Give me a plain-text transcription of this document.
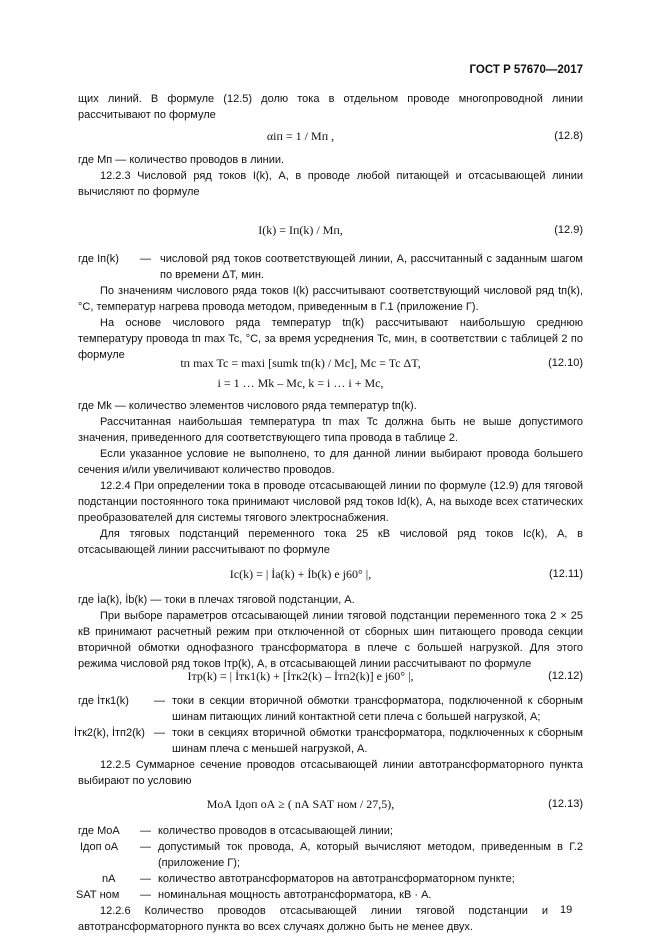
ГОСТ Р 57670—2017
щих линий. В формуле (12.5) долю тока в отдельном проводе многопроводной линии рассчитывают по формуле
αiп = 1 / Mп ,	(12.8)
где Mп — количество проводов в линии.
12.2.3 Числовой ряд токов I(k), А, в проводе любой питающей и отсасывающей линии вычисляют по формуле
I(k) = Iп(k) / Mп,	(12.9)
где Iп(k) — числовой ряд токов соответствующей линии, А, рассчитанный с заданным шагом по времени ΔT, мин.
По значениям числового ряда токов I(k) рассчитывают соответствующий числовой ряд tп(k), °С, температур нагрева провода методом, приведенным в Г.1 (приложение Г).
На основе числового ряда температур tп(k) рассчитывают наибольшую среднюю температуру провода tп max Tc, °С, за время усреднения Tc, мин, в соответствии с таблицей 2 по формуле
tп max Tc = maxi [sumk tп(k) / Mc], Mc = Tc ΔT,	(12.10)
i = 1 … Mk – Mc, k = i … i + Mc,
где Mk — количество элементов числового ряда температур tп(k).
Рассчитанная наибольшая температура tп max Tc должна быть не выше допустимого значения, приведенного для соответствующего типа провода в таблице 2.
Если указанное условие не выполнено, то для данной линии выбирают провода большего сечения и/или увеличивают количество проводов.
12.2.4 При определении тока в проводе отсасывающей линии по формуле (12.9) для тяговой подстанции постоянного тока принимают числовой ряд токов Id(k), А, на выходе всех статических преобразователей для системы тягового электроснабжения.
Для тяговых подстанций переменного тока 25 кВ числовой ряд токов Ic(k), А, в отсасывающей линии рассчитывают по формуле
Ic(k) = | İa(k) + İb(k) e j60° |,	(12.11)
где İa(k), İb(k) — токи в плечах тяговой подстанции, А.
При выборе параметров отсасывающей линии тяговой подстанции переменного тока 2 × 25 кВ принимают расчетный режим при отключенной от сборных шин питающего провода секции вторичной обмотки однофазного трансформатора в плече с большей нагрузкой. Для этого режима числовой ряд токов Iтр(k), А, в отсасывающей линии рассчитывают по формуле
Iтр(k) = | İтк1(k) + [İтк2(k) – İтп2(k)] e j60° |,	(12.12)
где İтк1(k) — токи в секции вторичной обмотки трансформатора, подключенной к сборным шинам питающих линий контактной сети плеча с большей нагрузкой, А;
İтк2(k), İтп2(k) — токи в секциях вторичной обмотки трансформатора, подключенных к сборным шинам плеча с меньшей нагрузкой, А.
12.2.5 Суммарное сечение проводов отсасывающей линии автотрансформаторного пункта выбирают по условию
MoА Iдоп oА ≥ ( nА SАТ ном / 27,5),	(12.13)
где MoА — количество проводов в отсасывающей линии;
Iдоп oА — допустимый ток провода, А, который вычисляют методом, приведенным в Г.2 (приложение Г);
nА — количество автотрансформаторов на автотрансформаторном пункте;
SАТ ном — номинальная мощность автотрансформатора, кВ · А.
12.2.6 Количество проводов отсасывающей линии тяговой подстанции и автотрансформаторного пункта во всех случаях должно быть не менее двух.
19
